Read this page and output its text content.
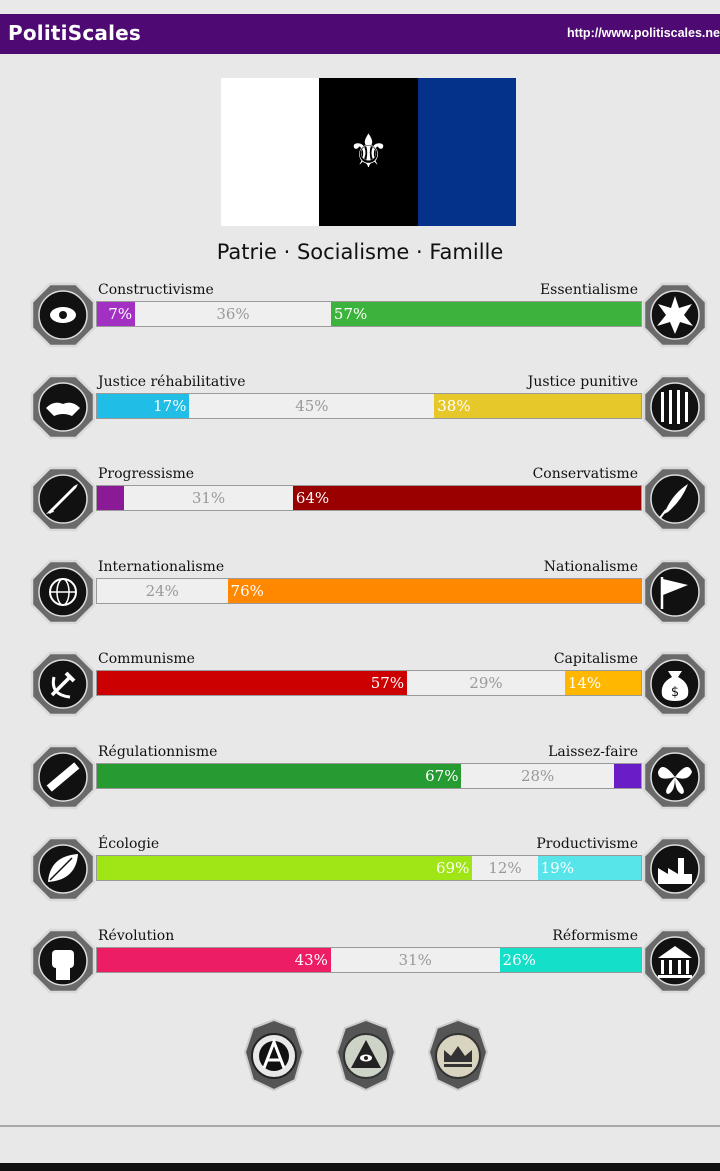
PolitiScales	http://www.politiscales.ne
⚜
Patrie · Socialisme · Famille
Constructivisme	Essentialisme
7%	36%	57%
Justice réhabilitative	Justice punitive
17%	45%	38%
Progressisme	Conservatisme
31%	64%
Internationalisme	Nationalisme
24%	76%
$
Communisme	Capitalisme
57%	29%	14%
Régulationnisme	Laissez-faire
67%	28%
Écologie	Productivisme
69%	12%	19%
Révolution	Réformisme
43%	31%	26%
